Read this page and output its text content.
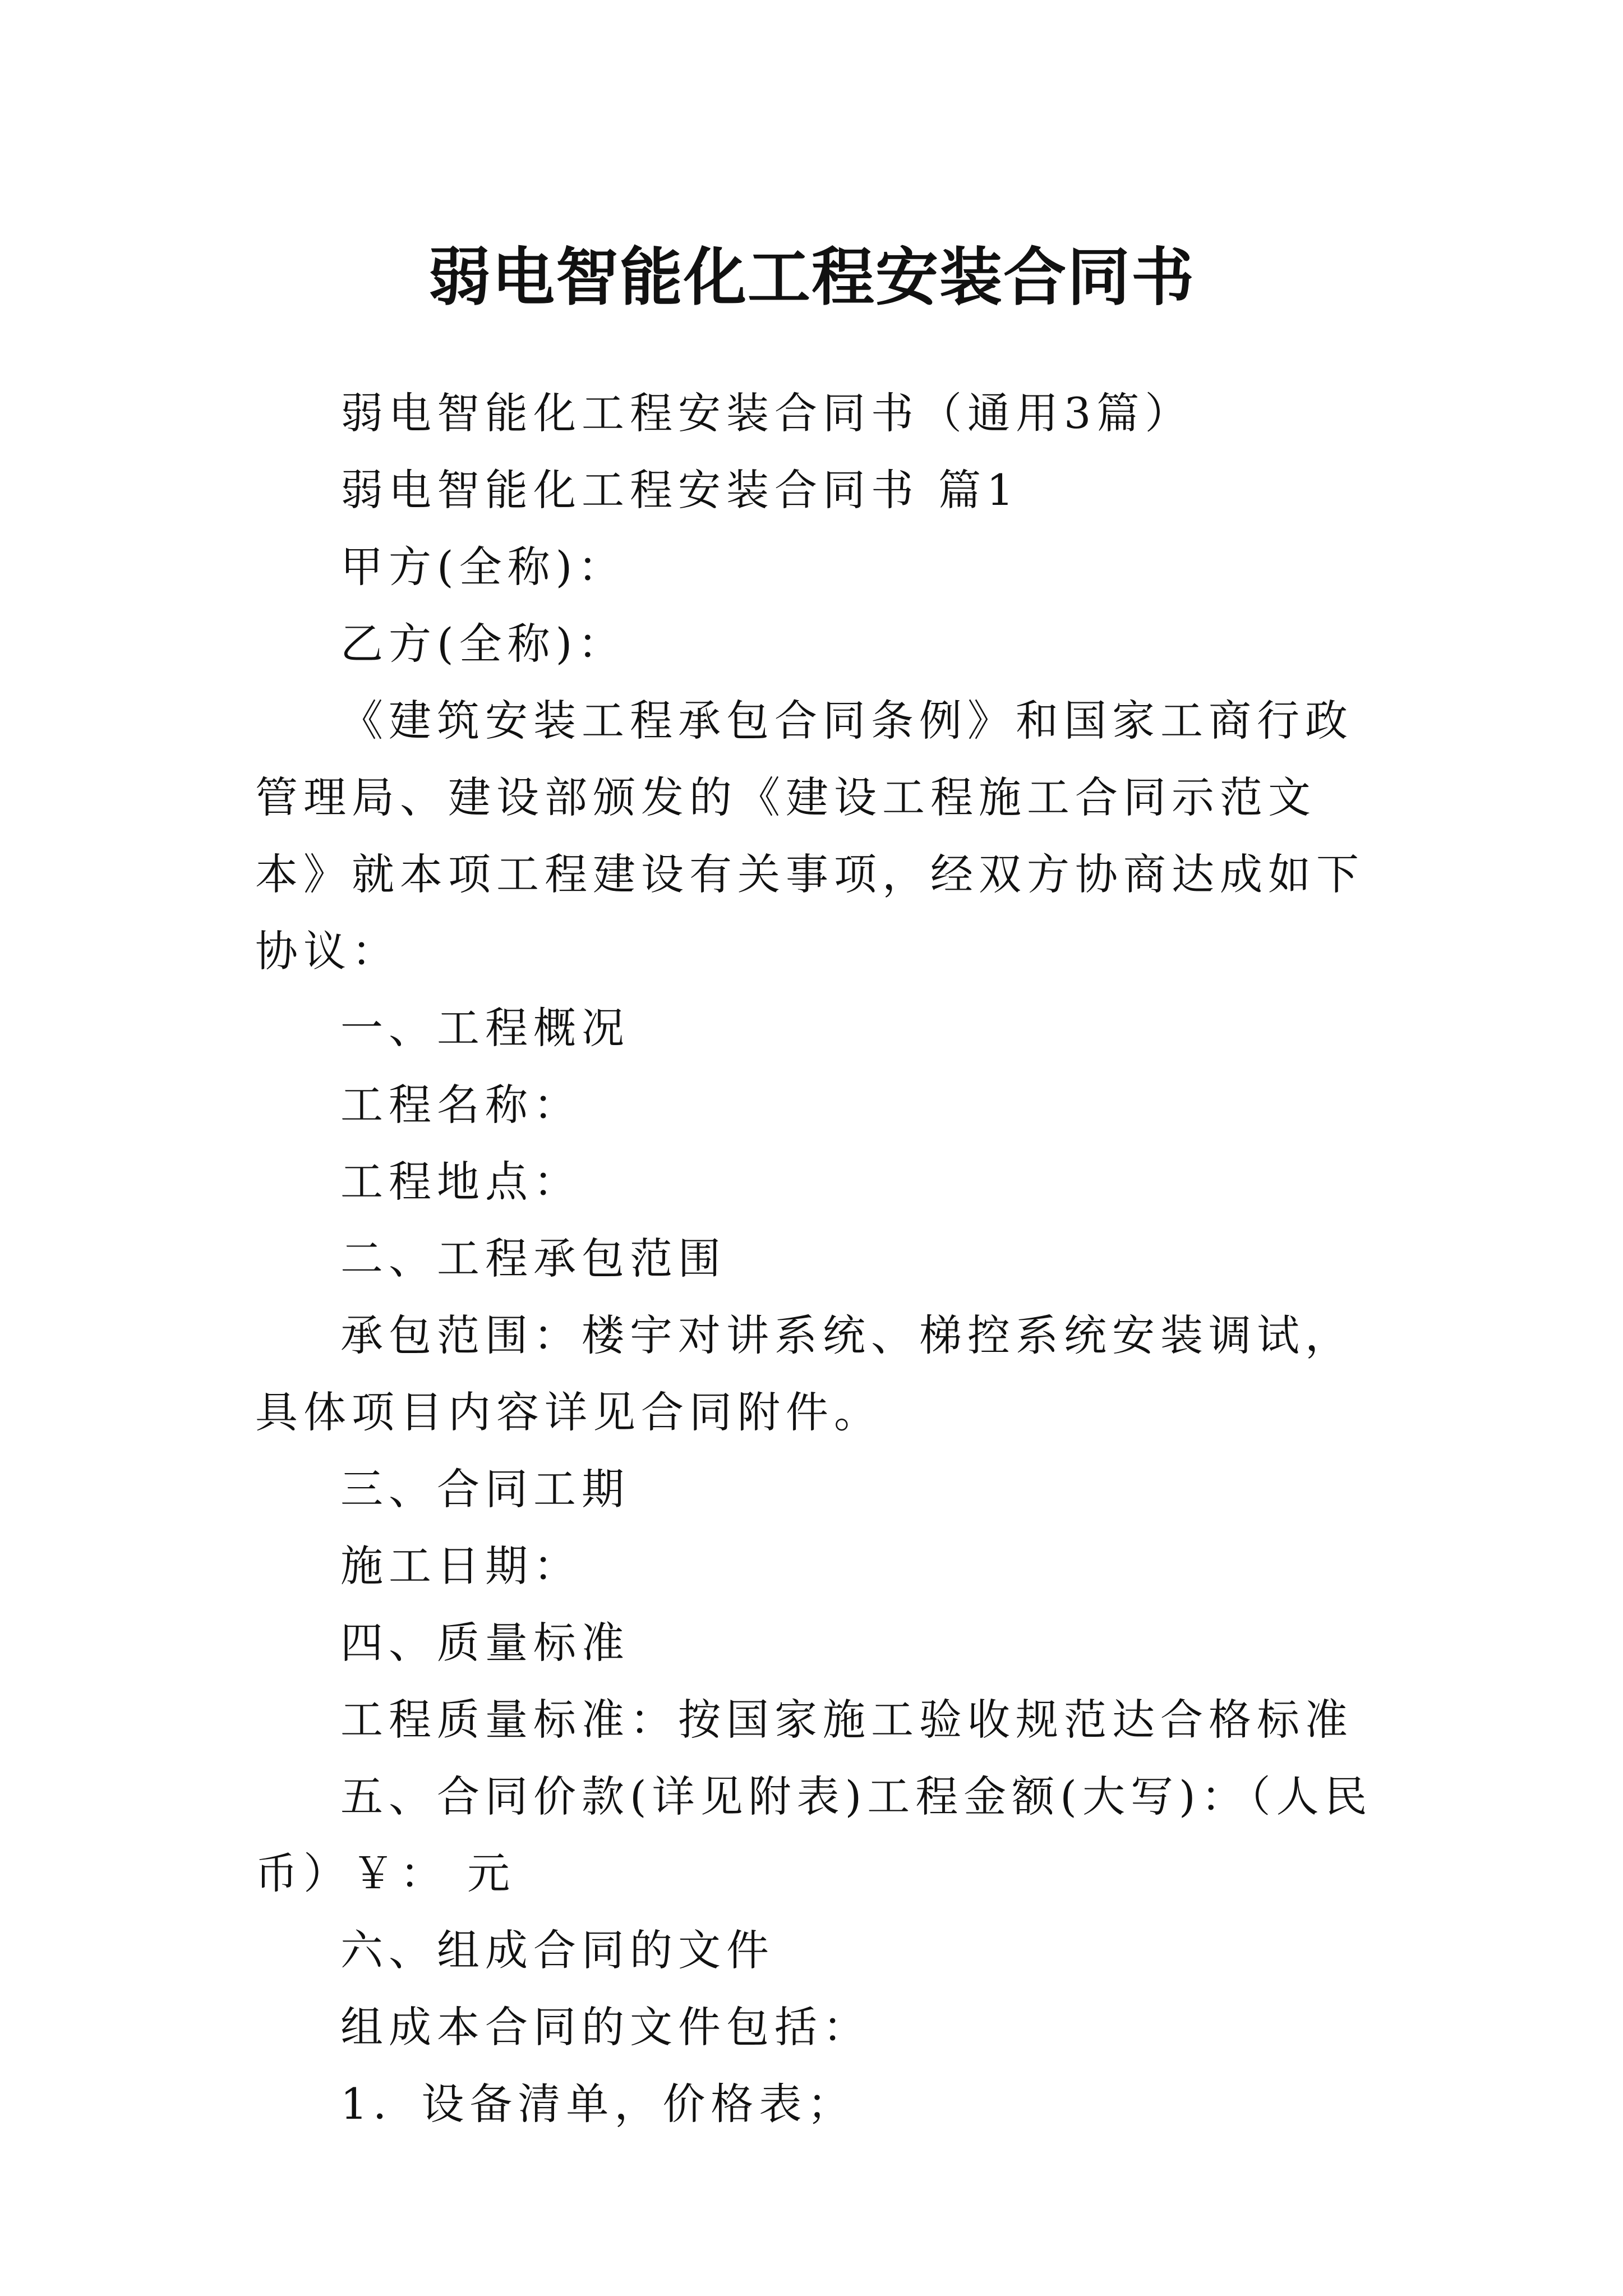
弱电智能化工程安装合同书

弱电智能化工程安装合同书（通用3篇）

弱电智能化工程安装合同书 篇1

甲方(全称)：

乙方(全称)：

《建筑安装工程承包合同条例》和国家工商行政管理局、建设部颁发的《建设工程施工合同示范文本》就本项工程建设有关事项，经双方协商达成如下协议：

一、工程概况

工程名称：

工程地点：

二、工程承包范围

承包范围：楼宇对讲系统、梯控系统安装调试，具体项目内容详见合同附件。

三、合同工期

施工日期：

四、质量标准

工程质量标准：按国家施工验收规范达合格标准

五、合同价款(详见附表)工程金额(大写)：（人民币）￥： 元

六、组成合同的文件

组成本合同的文件包括：

1．设备清单，价格表；
